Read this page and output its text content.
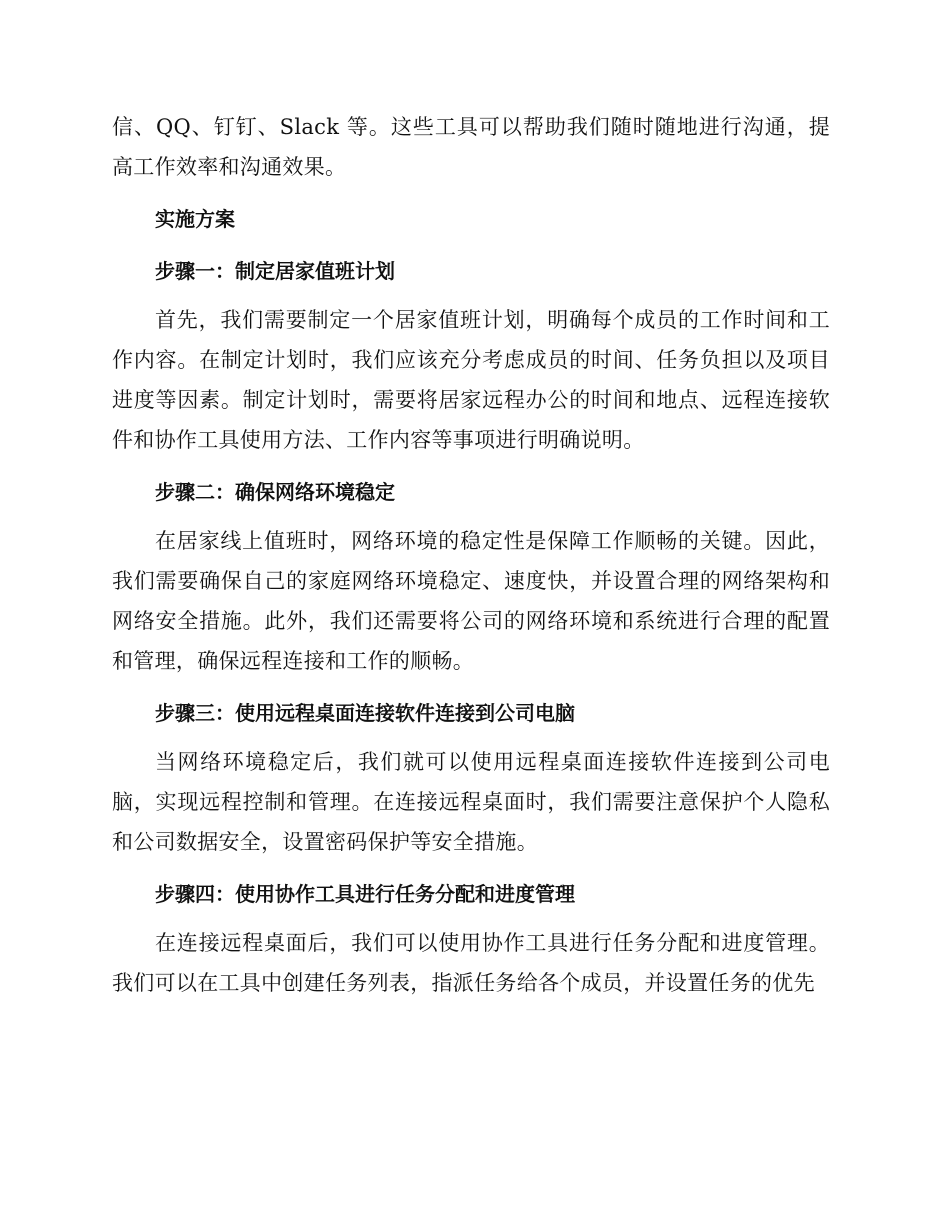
信、QQ、钉钉、Slack 等。这些工具可以帮助我们随时随地进行沟通，提高工作效率和沟通效果。

实施方案
步骤一：制定居家值班计划

首先，我们需要制定一个居家值班计划，明确每个成员的工作时间和工作内容。在制定计划时，我们应该充分考虑成员的时间、任务负担以及项目进度等因素。制定计划时，需要将居家远程办公的时间和地点、远程连接软件和协作工具使用方法、工作内容等事项进行明确说明。

步骤二：确保网络环境稳定

在居家线上值班时，网络环境的稳定性是保障工作顺畅的关键。因此，我们需要确保自己的家庭网络环境稳定、速度快，并设置合理的网络架构和网络安全措施。此外，我们还需要将公司的网络环境和系统进行合理的配置和管理，确保远程连接和工作的顺畅。

步骤三：使用远程桌面连接软件连接到公司电脑

当网络环境稳定后，我们就可以使用远程桌面连接软件连接到公司电脑，实现远程控制和管理。在连接远程桌面时，我们需要注意保护个人隐私和公司数据安全，设置密码保护等安全措施。

步骤四：使用协作工具进行任务分配和进度管理

在连接远程桌面后，我们可以使用协作工具进行任务分配和进度管理。我们可以在工具中创建任务列表，指派任务给各个成员，并设置任务的优先
